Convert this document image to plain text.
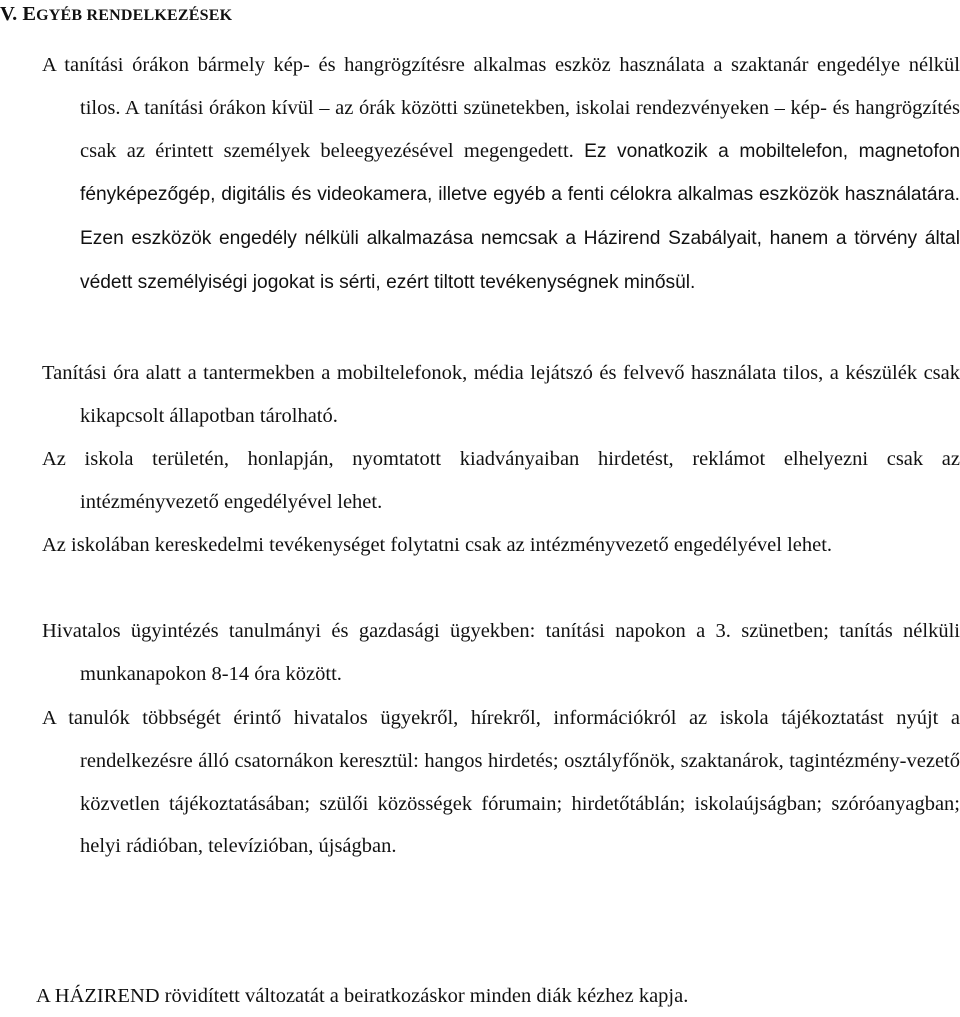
V. EGYÉB RENDELKEZÉSEK
A tanítási órákon bármely kép- és hangrögzítésre alkalmas eszköz használata a szaktanár engedélye nélkül tilos. A tanítási órákon kívül – az órák közötti szünetekben, iskolai rendezvényeken – kép- és hangrögzítés csak az érintett személyek beleegyezésével megengedett. Ez vonatkozik a mobiltelefon, magnetofon fényképezőgép, digitális és videokamera, illetve egyéb a fenti célokra alkalmas eszközök használatára. Ezen eszközök engedély nélküli alkalmazása nemcsak a Házirend Szabályait, hanem a törvény által védett személyiségi jogokat is sérti, ezért tiltott tevékenységnek minősül.
Tanítási óra alatt a tantermekben a mobiltelefonok, média lejátszó és felvevő használata tilos, a készülék csak kikapcsolt állapotban tárolható.
Az iskola területén, honlapján, nyomtatott kiadványaiban hirdetést, reklámot elhelyezni csak az intézményvezető engedélyével lehet.
Az iskolában kereskedelmi tevékenységet folytatni csak az intézményvezető engedélyével lehet.
Hivatalos ügyintézés tanulmányi és gazdasági ügyekben: tanítási napokon a 3. szünetben; tanítás nélküli munkanapokon 8-14 óra között.
A tanulók többségét érintő hivatalos ügyekről, hírekről, információkról az iskola tájékoztatást nyújt a rendelkezésre álló csatornákon keresztül: hangos hirdetés; osztályfőnök, szaktanárok, tagintézmény-vezető közvetlen tájékoztatásában; szülői közösségek fórumain; hirdetőtáblán; iskolaújságban; szóróanyagban; helyi rádióban, televízióban, újságban.
A HÁZIREND rövidített változatát a beiratkozáskor minden diák kézhez kapja.
